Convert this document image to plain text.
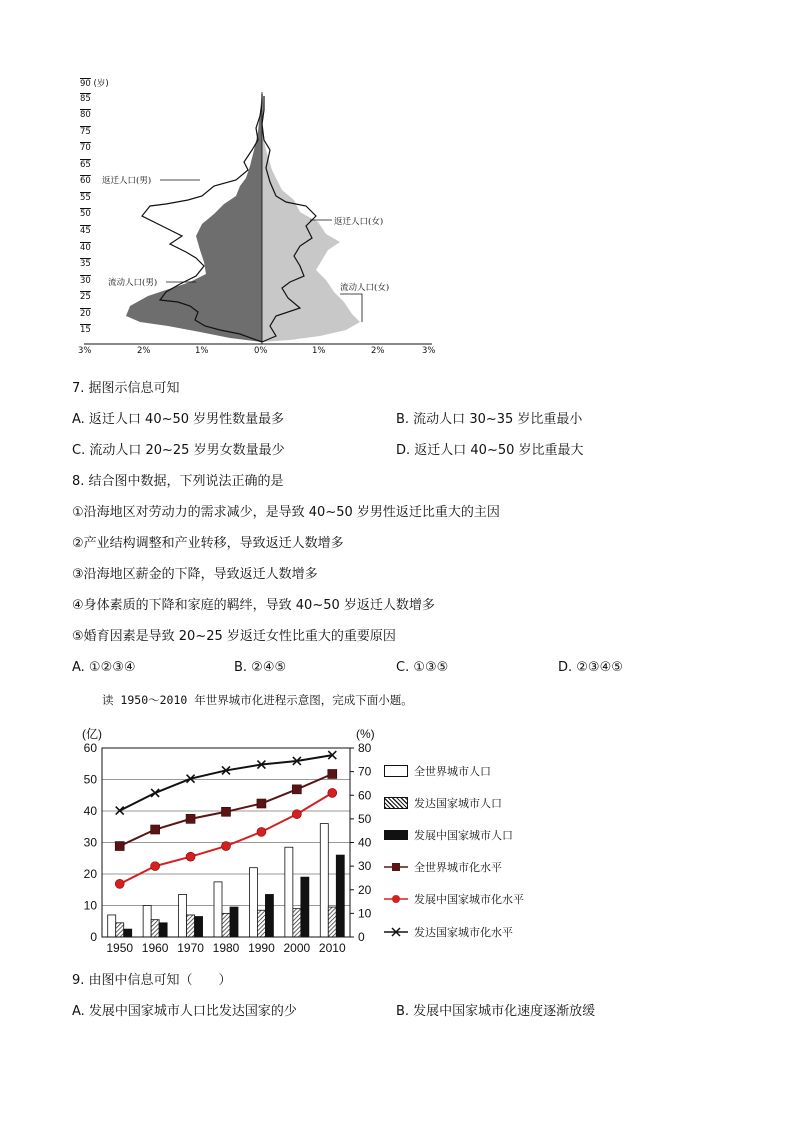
90 (岁)
85
80
75
70
65
60
55
50
45
40
35
30
25
20
15
3%	2%	1%	0%	1%	2%	3%
返迁人口(男)
返迁人口(女)
流动人口(男)	流动人口(女)
7. 据图示信息可知
A. 返迁人口 40~50 岁男性数量最多	B. 流动人口 30~35 岁比重最小
C. 流动人口 20~25 岁男女数量最少	D. 返迁人口 40~50 岁比重最大
8. 结合图中数据，下列说法正确的是
①沿海地区对劳动力的需求减少，是导致 40~50 岁男性返迁比重大的主因
②产业结构调整和产业转移，导致返迁人数增多
③沿海地区薪金的下降，导致返迁人数增多
④身体素质的下降和家庭的羁绊，导致 40~50 岁返迁人数增多
⑤婚育因素是导致 20~25 岁返迁女性比重大的重要原因
A. ①②③④	B. ②④⑤	C. ①③⑤	D. ②③④⑤
读 1950～2010 年世界城市化进程示意图，完成下面小题。
0
10
20
30
40
50
60
0
10
20
30
40
50
60
70
80
(亿)	(%)
1950 1960 1970 1980 1990 2000 2010
全世界城市人口
发达国家城市人口
发展中国家城市人口
全世界城市化水平
发展中国家城市化水平
发达国家城市化水平
9. 由图中信息可知（　　）
A. 发展中国家城市人口比发达国家的少	B. 发展中国家城市化速度逐渐放缓
